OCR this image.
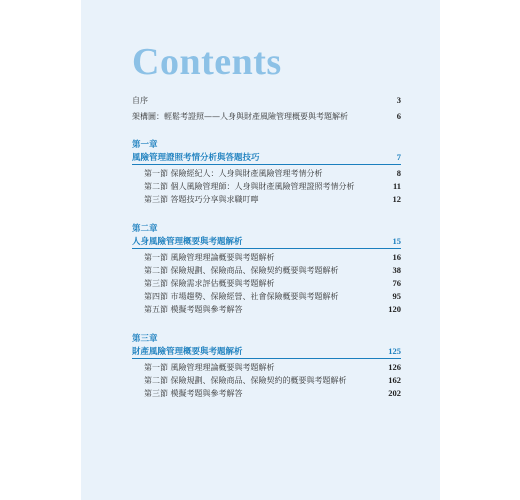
Contents
自序	3
架構圖：輕鬆考證照——人身與財產風險管理概要與考題解析	6
第一章
風險管理證照考情分析與答題技巧	7
第一節 保險經紀人：人身與財產風險管理考情分析	8
第二節 個人風險管理師：人身與財產風險管理證照考情分析	11
第三節 答題技巧分享與求職叮嚀	12
第二章
人身風險管理概要與考題解析	15
第一節 風險管理理論概要與考題解析	16
第二節 保險規劃、保險商品、保險契約概要與考題解析	38
第三節 保險需求評估概要與考題解析	76
第四節 市場趨勢、保險經營、社會保險概要與考題解析	95
第五節 模擬考題與參考解答	120
第三章
財產風險管理概要與考題解析	125
第一節 風險管理理論概要與考題解析	126
第二節 保險規劃、保險商品、保險契約的概要與考題解析	162
第三節 模擬考題與參考解答	202
